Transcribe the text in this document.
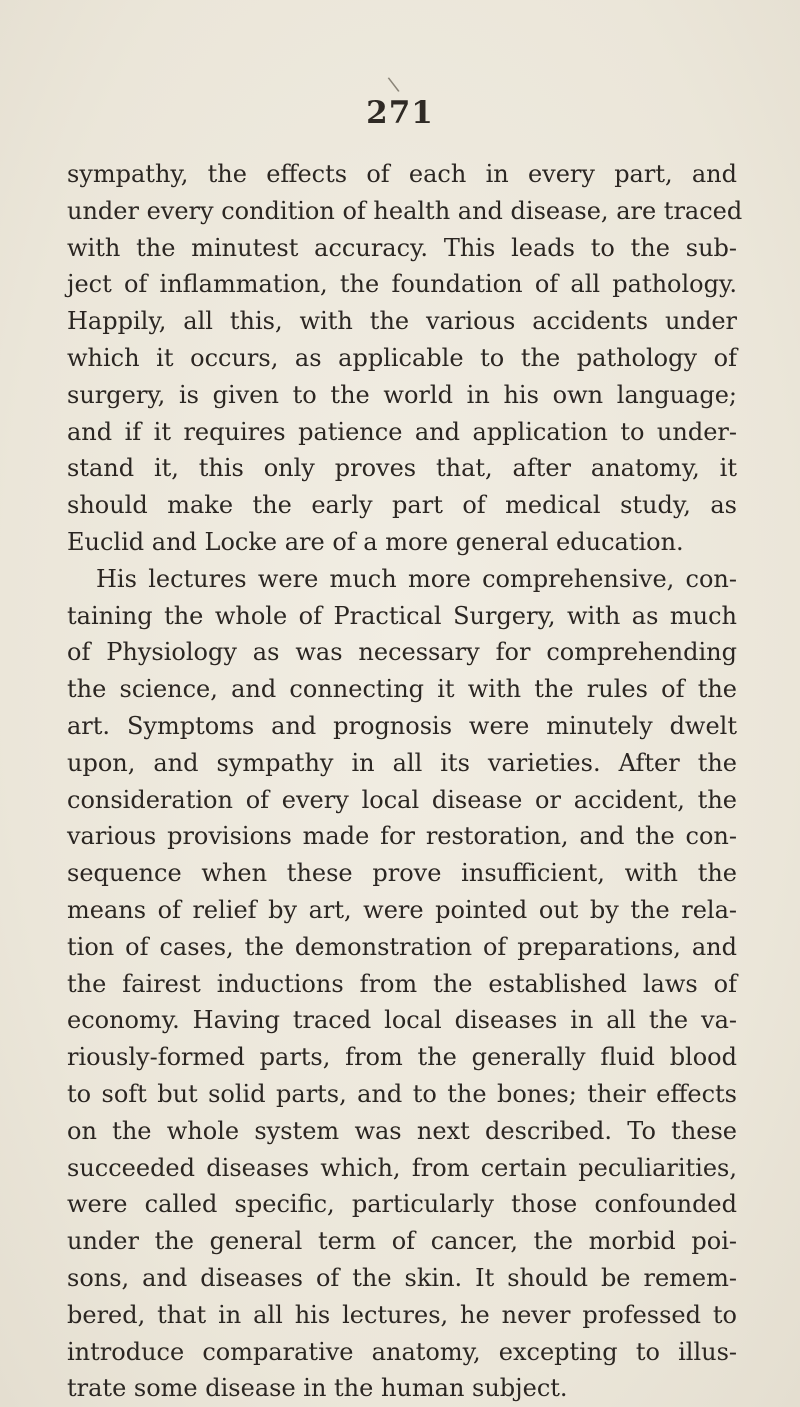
\
271
sympathy, the effects of each in every part, and
under every condition of health and disease, are traced
with the minutest accuracy. This leads to the sub-
ject of inflammation, the foundation of all pathology.
Happily, all this, with the various accidents under
which it occurs, as applicable to the pathology of
surgery, is given to the world in his own language;
and if it requires patience and application to under-
stand it, this only proves that, after anatomy, it
should make the early part of medical study, as
Euclid and Locke are of a more general education.
His lectures were much more comprehensive, con-
taining the whole of Practical Surgery, with as much
of Physiology as was necessary for comprehending
the science, and connecting it with the rules of the
art. Symptoms and prognosis were minutely dwelt
upon, and sympathy in all its varieties. After the
consideration of every local disease or accident, the
various provisions made for restoration, and the con-
sequence when these prove insufficient, with the
means of relief by art, were pointed out by the rela-
tion of cases, the demonstration of preparations, and
the fairest inductions from the established laws of
economy. Having traced local diseases in all the va-
riously-formed parts, from the generally fluid blood
to soft but solid parts, and to the bones; their effects
on the whole system was next described. To these
succeeded diseases which, from certain peculiarities,
were called specific, particularly those confounded
under the general term of cancer, the morbid poi-
sons, and diseases of the skin. It should be remem-
bered, that in all his lectures, he never professed to
introduce comparative anatomy, excepting to illus-
trate some disease in the human subject.
